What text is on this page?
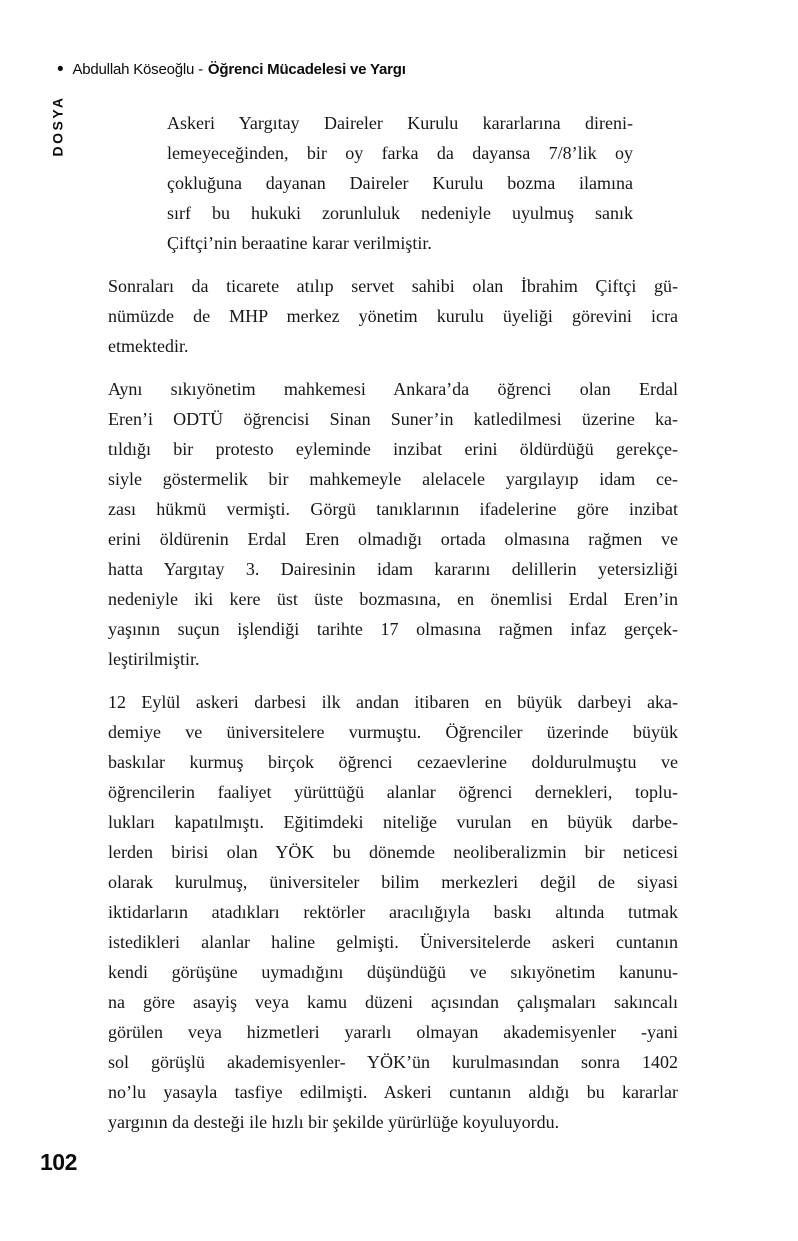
• Abdullah Köseoğlu - Öğrenci Mücadelesi ve Yargı
DOSYA	Askeri Yargıtay Daireler Kurulu kararlarına direni-
lemeyeceğinden, bir oy farka da dayansa 7/8’lik oy
çokluğuna dayanan Daireler Kurulu bozma ilamına
sırf bu hukuki zorunluluk nedeniyle uyulmuş sanık
Çiftçi’nin beraatine karar verilmiştir.
Sonraları da ticarete atılıp servet sahibi olan İbrahim Çiftçi gü-
nümüzde de MHP merkez yönetim kurulu üyeliği görevini icra
etmektedir.
Aynı sıkıyönetim mahkemesi Ankara’da öğrenci olan Erdal
Eren’i ODTÜ öğrencisi Sinan Suner’in katledilmesi üzerine ka-
tıldığı bir protesto eyleminde inzibat erini öldürdüğü gerekçe-
siyle göstermelik bir mahkemeyle alelacele yargılayıp idam ce-
zası hükmü vermişti. Görgü tanıklarının ifadelerine göre inzibat
erini öldürenin Erdal Eren olmadığı ortada olmasına rağmen ve
hatta Yargıtay 3. Dairesinin idam kararını delillerin yetersizliği
nedeniyle iki kere üst üste bozmasına, en önemlisi Erdal Eren’in
yaşının suçun işlendiği tarihte 17 olmasına rağmen infaz gerçek-
leştirilmiştir.
12 Eylül askeri darbesi ilk andan itibaren en büyük darbeyi aka-
demiye ve üniversitelere vurmuştu. Öğrenciler üzerinde büyük
baskılar kurmuş birçok öğrenci cezaevlerine doldurulmuştu ve
öğrencilerin faaliyet yürüttüğü alanlar öğrenci dernekleri, toplu-
lukları kapatılmıştı. Eğitimdeki niteliğe vurulan en büyük darbe-
lerden birisi olan YÖK bu dönemde neoliberalizmin bir neticesi
olarak kurulmuş, üniversiteler bilim merkezleri değil de siyasi
iktidarların atadıkları rektörler aracılığıyla baskı altında tutmak
istedikleri alanlar haline gelmişti. Üniversitelerde askeri cuntanın
kendi görüşüne uymadığını düşündüğü ve sıkıyönetim kanunu-
na göre asayiş veya kamu düzeni açısından çalışmaları sakıncalı
görülen veya hizmetleri yararlı olmayan akademisyenler -yani
sol görüşlü akademisyenler- YÖK’ün kurulmasından sonra 1402
no’lu yasayla tasfiye edilmişti. Askeri cuntanın aldığı bu kararlar
yargının da desteği ile hızlı bir şekilde yürürlüğe koyuluyordu.
102
